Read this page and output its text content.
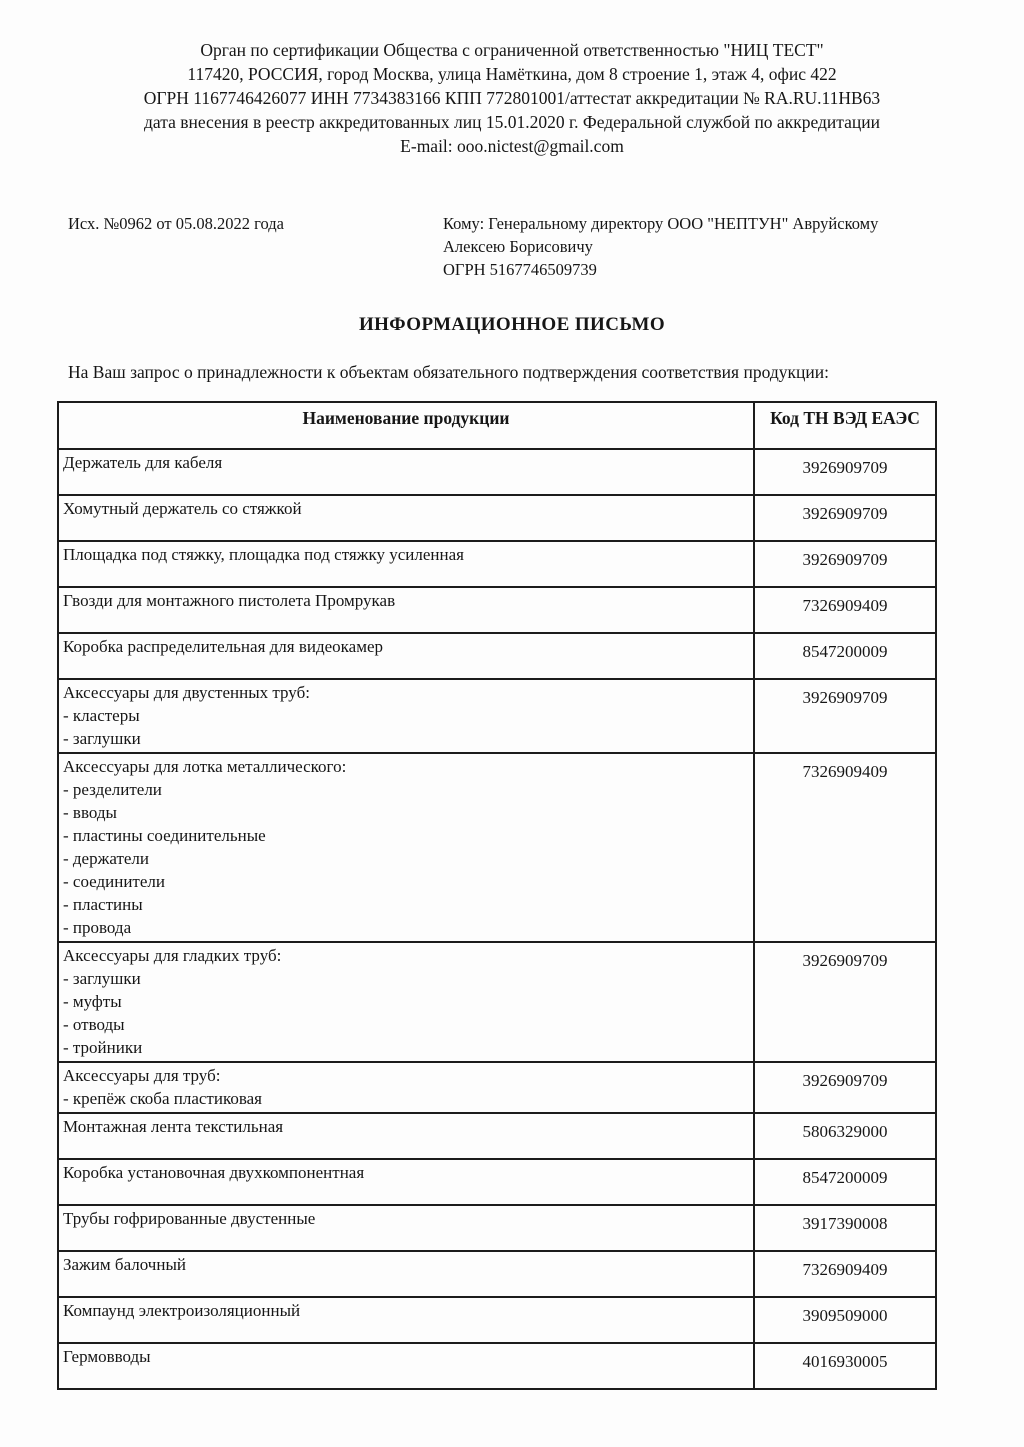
Орган по сертификации Общества с ограниченной ответственностью "НИЦ ТЕСТ"
117420, РОССИЯ, город Москва, улица Намёткина, дом 8 строение 1, этаж 4, офис 422
ОГРН 1167746426077 ИНН 7734383166 КПП 772801001/аттестат аккредитации № RA.RU.11НВ63
дата внесения в реестр аккредитованных лиц 15.01.2020 г. Федеральной службой по аккредитации
E-mail: ooo.nictest@gmail.com
Исх. №0962 от 05.08.2022 года	Кому: Генеральному директору ООО "НЕПТУН" Авруйскому Алексею Борисовичу
ОГРН 5167746509739
ИНФОРМАЦИОННОЕ ПИСЬМО
На Ваш запрос о принадлежности к объектам обязательного подтверждения соответствия продукции:
Наименование продукции	Код ТН ВЭД ЕАЭС

Держатель для кабеля	3926909709

Хомутный держатель со стяжкой	3926909709

Площадка под стяжку, площадка под стяжку усиленная	3926909709

Гвозди для монтажного пистолета Промрукав	7326909409

Коробка распределительная для видеокамер	8547200009

Аксессуары для двустенных труб:
- кластеры
- заглушки	3926909709

Аксессуары для лотка металлического:
- резделители
- вводы
- пластины соединительные
- держатели
- соединители
- пластины
- провода
	7326909409

Аксессуары для гладких труб:
- заглушки
- муфты
- отводы
- тройники	3926909709

Аксессуары для труб:
- крепёж скоба пластиковая	3926909709

Монтажная лента текстильная	5806329000

Коробка установочная двухкомпонентная	8547200009

Трубы гофрированные двустенные	3917390008

Зажим балочный	7326909409

Компаунд электроизоляционный	3909509000

Гермовводы	4016930005
